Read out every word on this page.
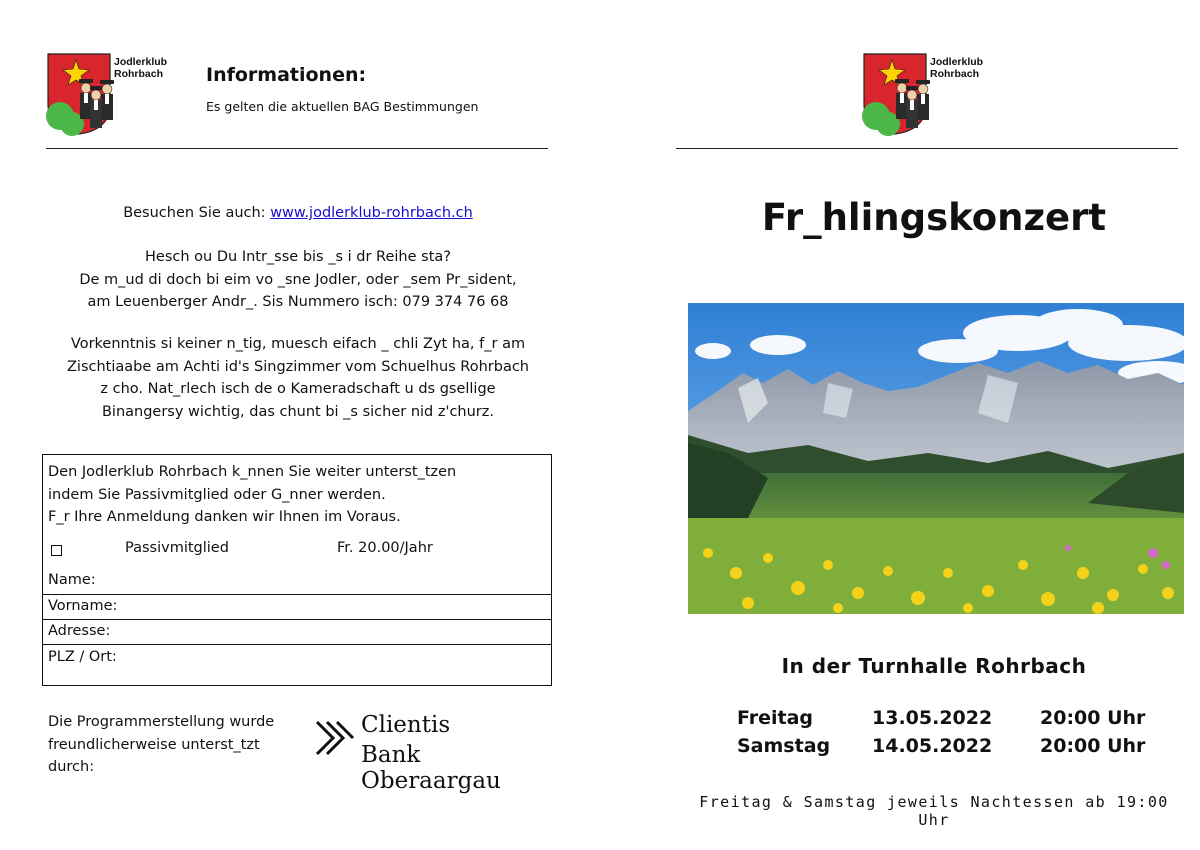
Jodlerklub
Rohrbach Informationen:
Es gelten die aktuellen BAG Bestimmungen
Besuchen Sie auch: www.jodlerklub-rohrbach.ch
Hesch ou Du Intr_sse bis _s i dr Reihe sta?
De m_ud di doch bi eim vo _sne Jodler, oder _sem Pr_sident,
am Leuenberger Andr_. Sis Nummero isch: 079 374 76 68
Vorkenntnis si keiner n_tig, muesch eifach _ chli Zyt ha, f_r am
Zischtiaabe am Achti id's Singzimmer vom Schuelhus Rohrbach
z cho. Nat_rlech isch de o Kameradschaft u ds gsellige
Binangersy wichtig, das chunt bi _s sicher nid z'churz.
Den Jodlerklub Rohrbach k_nnen Sie weiter unterst_tzen
indem Sie Passivmitglied oder G_nner werden.
F_r Ihre Anmeldung danken wir Ihnen im Voraus.
Passivmitglied	Fr. 20.00/Jahr
Name:
Vorname:
Adresse:
PLZ / Ort:
Die Programmerstellung wurde
freundlicherweise unterst_tzt
durch:
Clientis
Bank Oberaargau
Jodlerklub
Rohrbach
Fr_hlingskonzert
In der Turnhalle Rohrbach
Freitag	13.05.2022	20:00 Uhr
Samstag 14.05.2022	20:00 Uhr
Freitag & Samstag jeweils Nachtessen ab 19:00 Uhr
